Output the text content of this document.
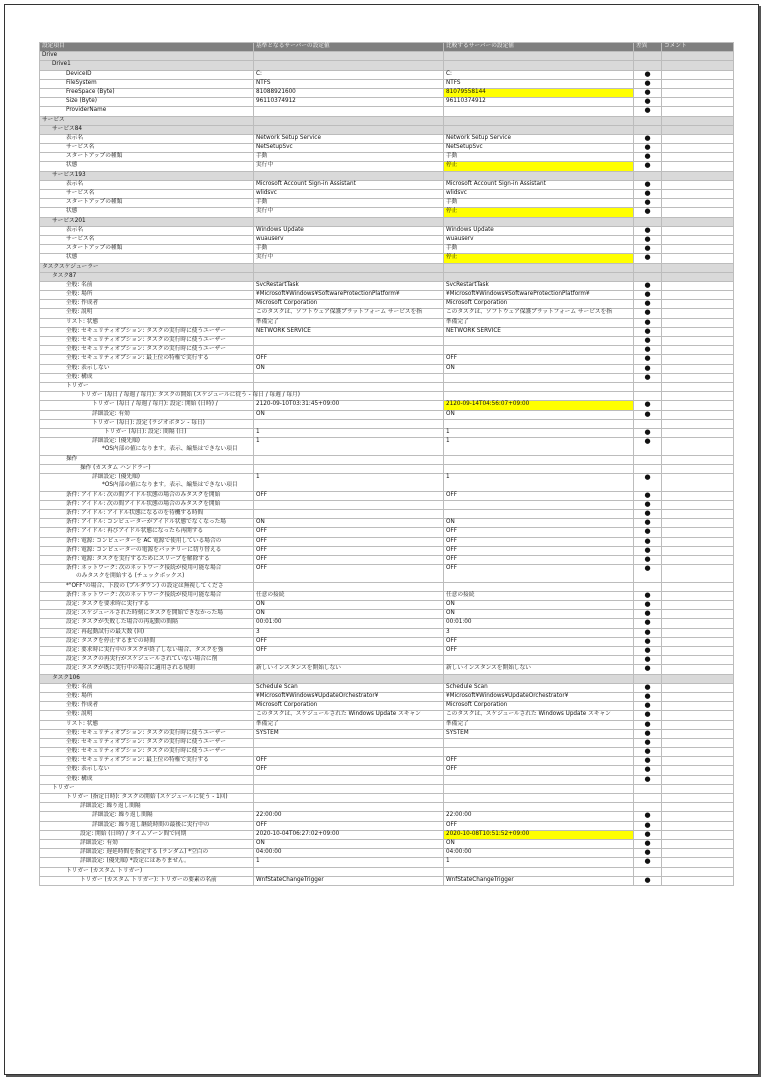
設定項目	基準となるサーバーの設定値	比較するサーバーの設定値	差異	コメント
Drive				
Drive1				
DeviceID	C:	C:	●	
FileSystem	NTFS	NTFS	●	
FreeSpace (Byte)	81088921600	81079558144	●	
Size (Byte)	96110374912	96110374912	●	
ProviderName			●	
サービス				
サービス84				
表示名	Network Setup Service	Network Setup Service	●	
サービス名	NetSetupSvc	NetSetupSvc	●	
スタートアップの種類	手動	手動	●	
状態	実行中	停止	●	
サービス193				
表示名	Microsoft Account Sign-in Assistant	Microsoft Account Sign-in Assistant	●	
サービス名	wlidsvc	wlidsvc	●	
スタートアップの種類	手動	手動	●	
状態	実行中	停止	●	
サービス201				
表示名	Windows Update	Windows Update	●	
サービス名	wuauserv	wuauserv	●	
スタートアップの種類	手動	手動	●	
状態	実行中	停止	●	
タスクスケジューラー				
タスク87				
全般: 名前	SvcRestartTask	SvcRestartTask	●	
全般: 場所	¥Microsoft¥Windows¥SoftwareProtectionPlatform¥	¥Microsoft¥Windows¥SoftwareProtectionPlatform¥	●	
全般: 作成者	Microsoft Corporation	Microsoft Corporation	●	
全般: 説明	このタスクは、ソフトウェア保護プラットフォーム サービスを指	このタスクは、ソフトウェア保護プラットフォーム サービスを指	●	
リスト: 状態	準備完了	準備完了	●	
全般: セキュリティオプション: タスクの実行時に使うユーザー	NETWORK SERVICE	NETWORK SERVICE	●	
全般: セキュリティオプション: タスクの実行時に使うユーザー			●	
全般: セキュリティオプション: タスクの実行時に使うユーザー			●	
全般: セキュリティオプション: 最上位の特権で実行する	OFF	OFF	●	
全般: 表示しない	ON	ON	●	
全般: 構成			●	
トリガー				
トリガー (毎日 / 毎週 / 毎月): タスクの開始 (スケジュールに従う - 毎日 / 毎週 / 毎月)				
トリガー (毎日 / 毎週 / 毎月): 設定: 開始 (日時) /	2120-09-10T03:31:45+09:00	2120-09-14T04:56:07+09:00	●	
詳細設定: 有効	ON	ON	●	
トリガー (毎日): 設定 (ラジオボタン - 毎日)				
トリガー (毎日): 設定: 間隔 (日)	1	1	●	
詳細設定: (優先順)
*OS内部の値になります。表示、編集はできない項目	1	1	●	
操作				
操作 (カスタム ハンドラー)				
詳細設定: (優先順)
*OS内部の値になります。表示、編集はできない項目	1	1	●	
条件: アイドル: 次の間アイドル状態の場合のみタスクを開始	OFF	OFF	●	
条件: アイドル: 次の間アイドル状態の場合のみタスクを開始			●	
条件: アイドル: アイドル状態になるのを待機する時間			●	
条件: アイドル: コンピューターがアイドル状態でなくなった場	ON	ON	●	
条件: アイドル: 再びアイドル状態になったら再開する	OFF	OFF	●	
条件: 電源: コンピューターを AC 電源で使用している場合の	OFF	OFF	●	
条件: 電源: コンピューターの電源をバッテリーに切り替える	OFF	OFF	●	
条件: 電源: タスクを実行するためにスリープを解除する	OFF	OFF	●	
条件: ネットワーク: 次のネットワーク接続が使用可能な場合
のみタスクを開始する (チェックボックス)	OFF	OFF	●	
*"OFF"の場合、下段の (プルダウン) の設定は無視してくださ				
条件: ネットワーク: 次のネットワーク接続が使用可能な場合	任意の接続	任意の接続	●	
設定: タスクを要求時に実行する	ON	ON	●	
設定: スケジュールされた時刻にタスクを開始できなかった場	ON	ON	●	
設定: タスクが失敗した場合の再起動の間隔	00:01:00	00:01:00	●	
設定: 再起動試行の最大数 (回)	3	3	●	
設定: タスクを停止するまでの時間	OFF	OFF	●	
設定: 要求時に実行中のタスクが終了しない場合、タスクを強	OFF	OFF	●	
設定: タスクの再実行がスケジュールされていない場合に削			●	
設定: タスクが既に実行中の場合に適用される規則	新しいインスタンスを開始しない	新しいインスタンスを開始しない	●	
タスク106				
全般: 名前	Schedule Scan	Schedule Scan	●	
全般: 場所	¥Microsoft¥Windows¥UpdateOrchestrator¥	¥Microsoft¥Windows¥UpdateOrchestrator¥	●	
全般: 作成者	Microsoft Corporation	Microsoft Corporation	●	
全般: 説明	このタスクは、スケジュールされた Windows Update スキャン	このタスクは、スケジュールされた Windows Update スキャン	●	
リスト: 状態	準備完了	準備完了	●	
全般: セキュリティオプション: タスクの実行時に使うユーザー	SYSTEM	SYSTEM	●	
全般: セキュリティオプション: タスクの実行時に使うユーザー			●	
全般: セキュリティオプション: タスクの実行時に使うユーザー			●	
全般: セキュリティオプション: 最上位の特権で実行する	OFF	OFF	●	
全般: 表示しない	OFF	OFF	●	
全般: 構成			●	
トリガー				
トリガー (指定日時): タスクの開始 (スケジュールに従う - 1回)				
詳細設定: 繰り返し間隔				
詳細設定: 繰り返し間隔	22:00:00	22:00:00	●	
詳細設定: 繰り返し継続時間の最後に実行中の	OFF	OFF	●	
設定: 開始 (日時) / タイムゾーン間で同期	2020-10-04T06:27:02+09:00	2020-10-08T10:51:52+09:00	●	
詳細設定: 有効	ON	ON	●	
詳細設定: 遅延時間を指定する (ランダム) *空白の	04:00:00	04:00:00	●	
詳細設定: (優先順) *設定にはありません。	1	1	●	
トリガー (カスタム トリガー)				
トリガー (カスタム トリガー): トリガーの要素の名前	WnfStateChangeTrigger	WnfStateChangeTrigger	●	
